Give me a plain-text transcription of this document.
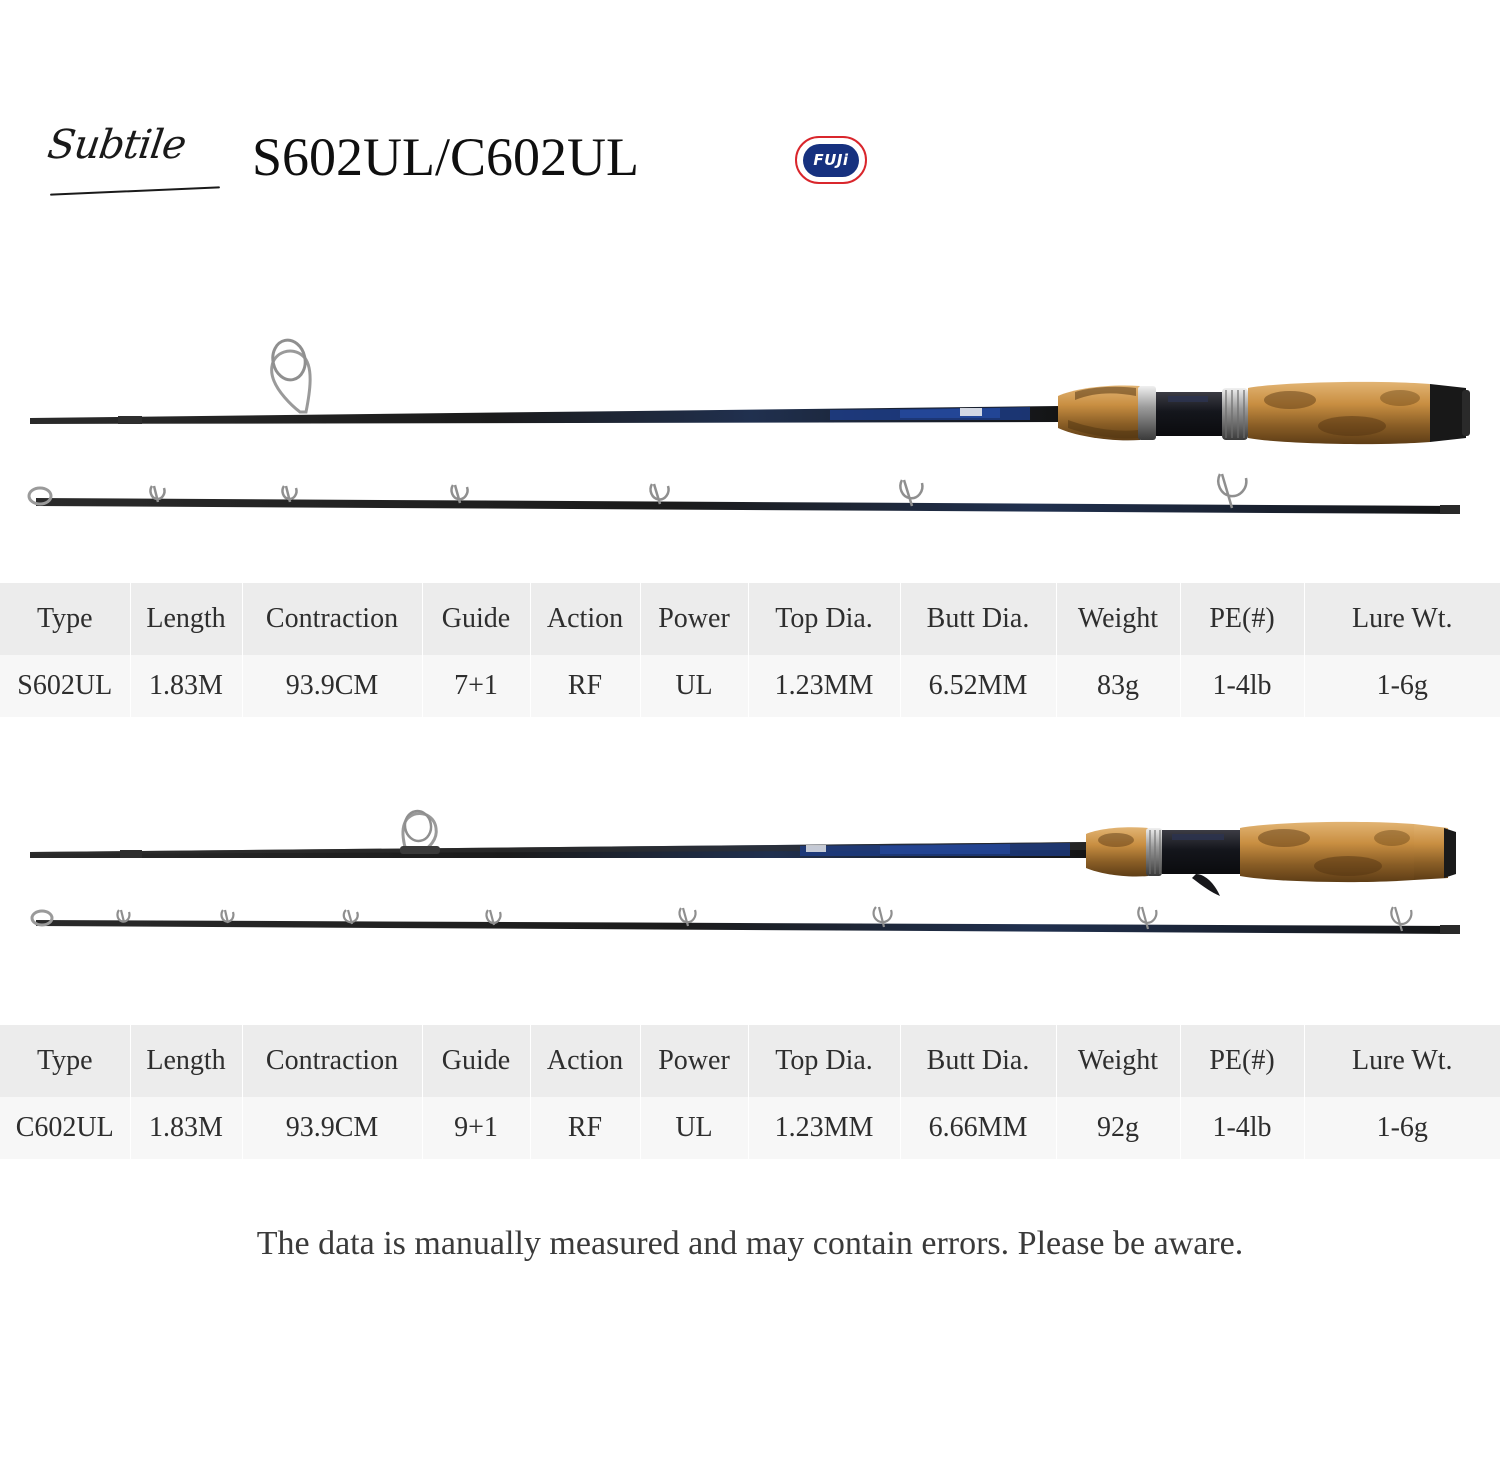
Subtile S602UL/C602UL	FUJi
Type	Length	Contraction	Guide	Action	Power	Top Dia.	Butt Dia.	Weight	PE(#)	Lure Wt.
S602UL	1.83M	93.9CM	7+1	RF	UL	1.23MM	6.52MM	83g	1-4lb	1-6g
Type	Length	Contraction	Guide	Action	Power	Top Dia.	Butt Dia.	Weight	PE(#)	Lure Wt.
C602UL	1.83M	93.9CM	9+1	RF	UL	1.23MM	6.66MM	92g	1-4lb	1-6g
The data is manually measured and may contain errors. Please be aware.
